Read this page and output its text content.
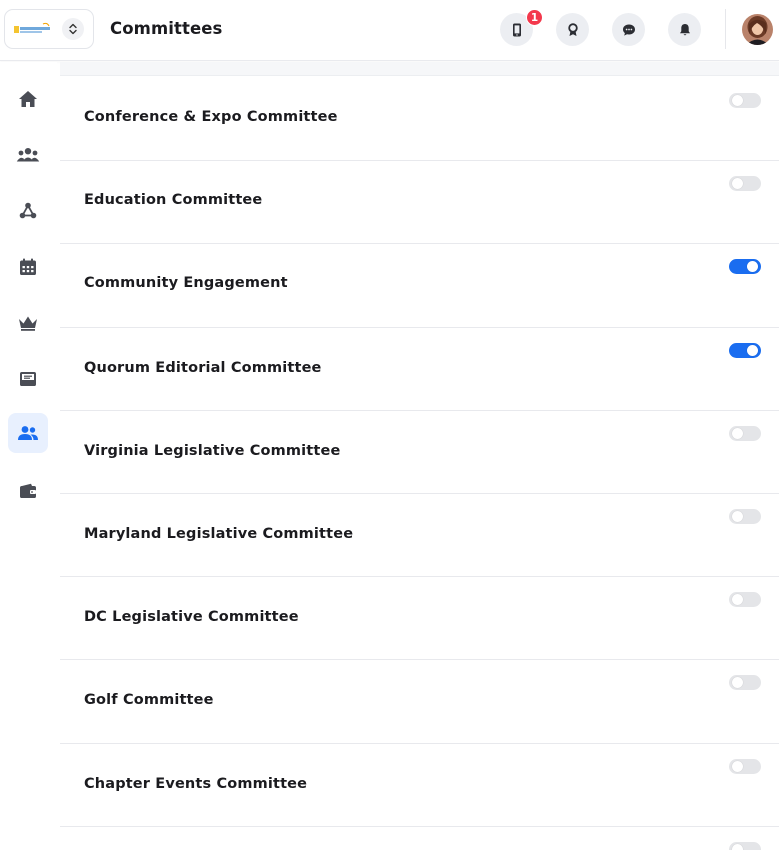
Committees
1
Conference & Expo Committee
Education Committee
Community Engagement
Quorum Editorial Committee
Virginia Legislative Committee
Maryland Legislative Committee
DC Legislative Committee
Golf Committee
Chapter Events Committee
